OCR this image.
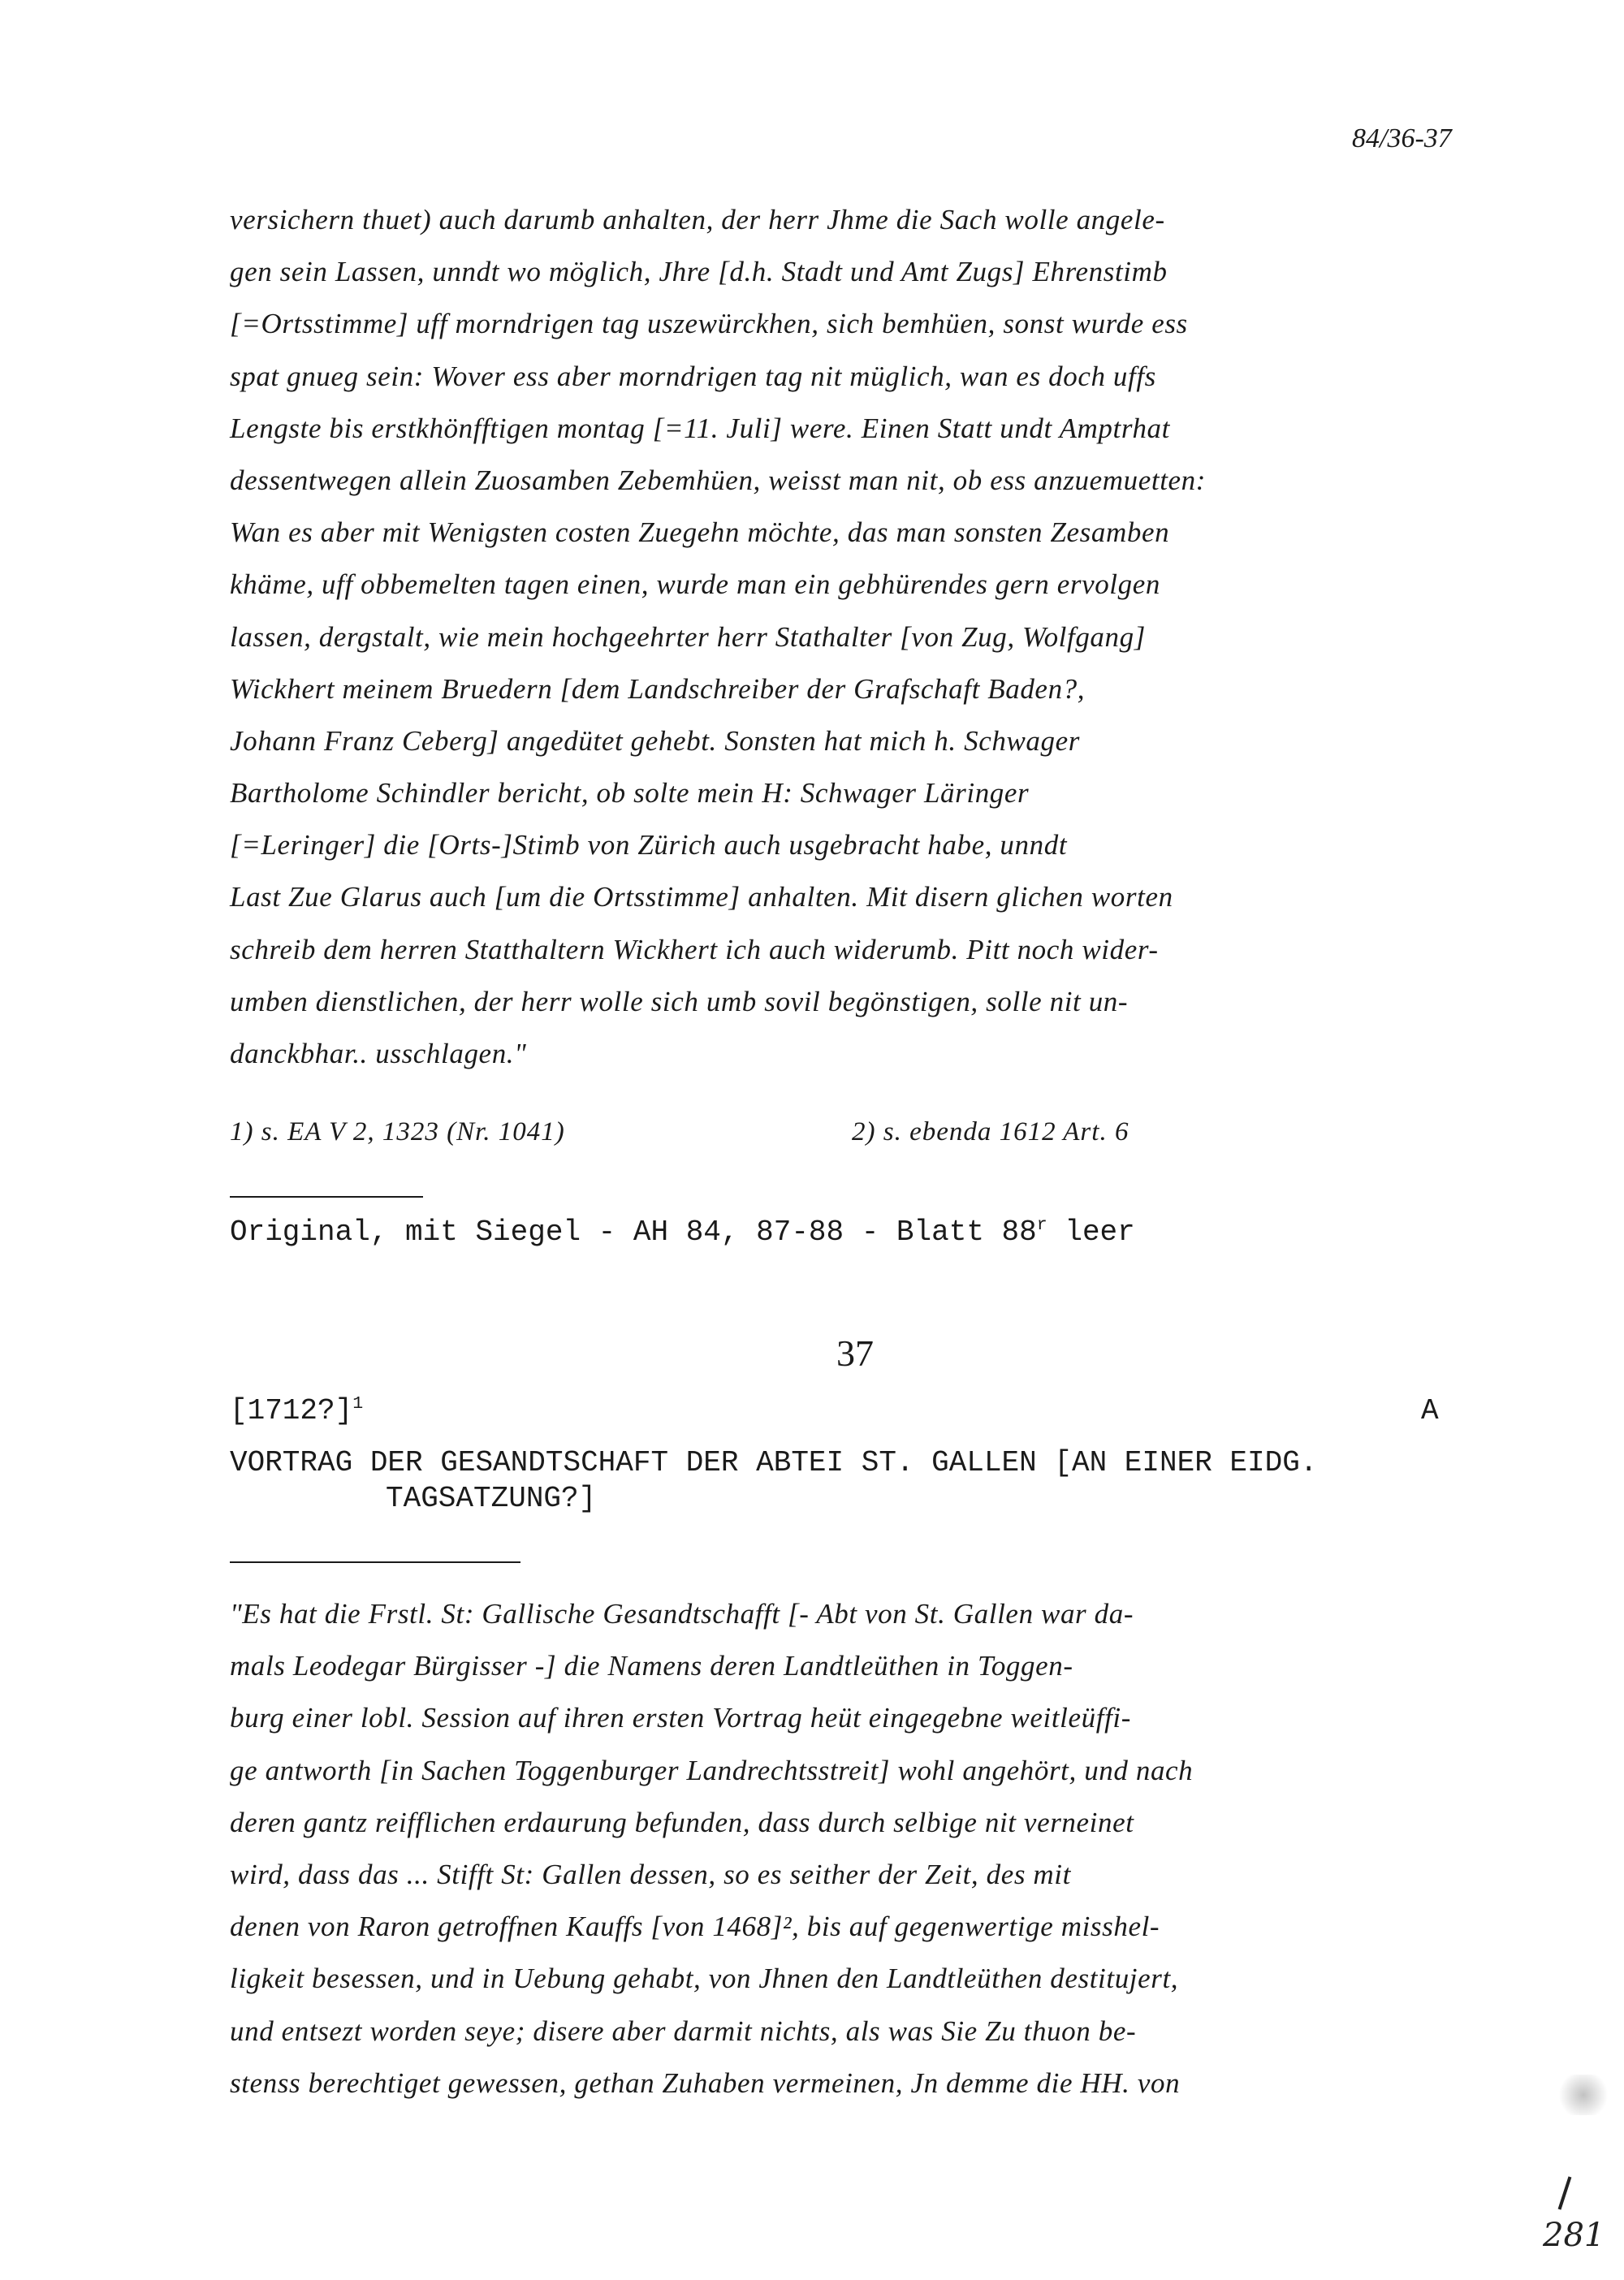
84/36-37
versichern thuet) auch darumb anhalten, der herr Jhme die Sach wolle angele-
gen sein Lassen, unndt wo möglich, Jhre [d.h. Stadt und Amt Zugs] Ehrenstimb
[=Ortsstimme] uff morndrigen tag uszewürckhen, sich bemhüen, sonst wurde ess
spat gnueg sein: Wover ess aber morndrigen tag nit müglich, wan es doch uffs
Lengste bis erstkhönfftigen montag [=11. Juli] were. Einen Statt undt Amptrhat
dessentwegen allein Zuosamben Zebemhüen, weisst man nit, ob ess anzuemuetten:
Wan es aber mit Wenigsten costen Zuegehn möchte, das man sonsten Zesamben
khäme, uff obbemelten tagen einen, wurde man ein gebhürendes gern ervolgen
lassen, dergstalt, wie mein hochgeehrter herr Stathalter [von Zug, Wolfgang]
Wickhert meinem Bruedern [dem Landschreiber der Grafschaft Baden?,
Johann Franz Ceberg] angedütet gehebt. Sonsten hat mich h. Schwager
Bartholome Schindler bericht, ob solte mein H: Schwager Läringer
[=Leringer] die [Orts-]Stimb von Zürich auch usgebracht habe, unndt
Last Zue Glarus auch [um die Ortsstimme] anhalten. Mit disern glichen worten
schreib dem herren Statthaltern Wickhert ich auch widerumb. Pitt noch wider-
umben dienstlichen, der herr wolle sich umb sovil begönstigen, solle nit un-
danckbhar.. usschlagen."
1) s. EA V 2, 1323 (Nr. 1041)	2) s. ebenda 1612 Art. 6
Original, mit Siegel - AH 84, 87-88 - Blatt 88$^r$ leer
37
[1712?]$^1$	A
VORTRAG DER GESANDTSCHAFT DER ABTEI ST. GALLEN [AN EINER EIDG.
TAGSATZUNG?]
"Es hat die Frstl. St: Gallische Gesandtschafft [- Abt von St. Gallen war da-
mals Leodegar Bürgisser -] die Namens deren Landtleüthen in Toggen-
burg einer lobl. Session auf ihren ersten Vortrag heüt eingegebne weitleüffi-
ge antworth [in Sachen Toggenburger Landrechtsstreit] wohl angehört, und nach
deren gantz reifflichen erdaurung befunden, dass durch selbige nit verneinet
wird, dass das ... Stifft St: Gallen dessen, so es seither der Zeit, des mit
denen von Raron getroffnen Kauffs [von 1468]², bis auf gegenwertige misshel-
ligkeit besessen, und in Uebung gehabt, von Jhnen den Landtleüthen destitujert,
und entsezt worden seye; disere aber darmit nichts, als was Sie Zu thuon be-
stenss berechtiget gewessen, gethan Zuhaben vermeinen, Jn demme die HH. von
281
